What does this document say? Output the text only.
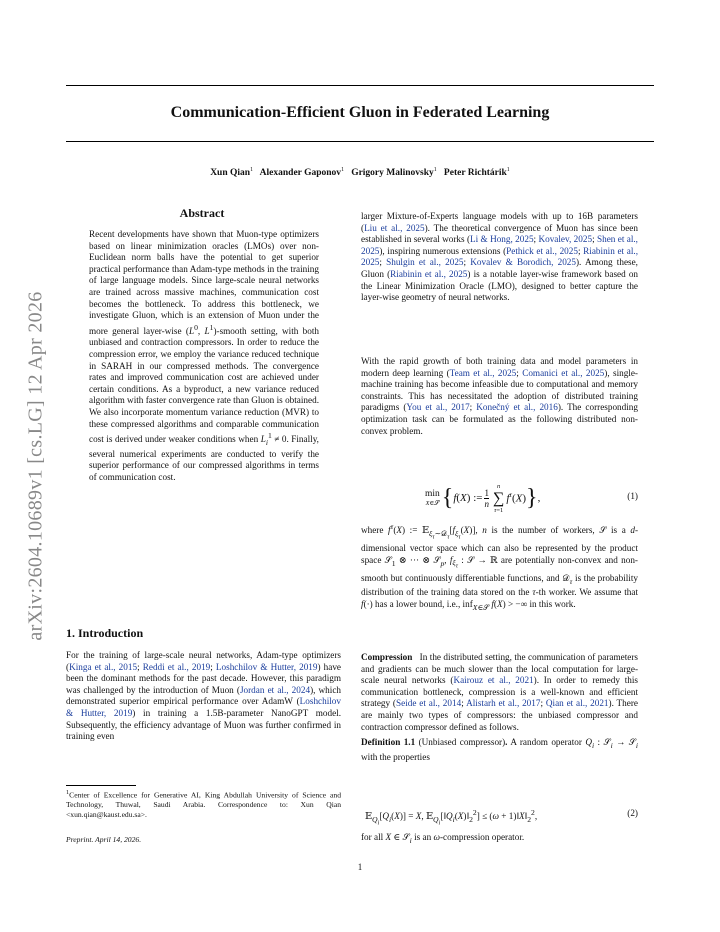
Communication-Efficient Gluon in Federated Learning
Xun Qian$^1$ Alexander Gaponov$^1$ Grigory Malinovsky$^1$ Peter Richtárik$^1$
arXiv:2604.10689v1 [cs.LG] 12 Apr 2026
Abstract
Recent developments have shown that Muon-type optimizers based on linear minimization oracles (LMOs) over non-Euclidean norm balls have the potential to get superior practical performance than Adam-type methods in the training of large language models. Since large-scale neural networks are trained across massive machines, communication cost becomes the bottleneck. To address this bottleneck, we investigate Gluon, which is an extension of Muon under the more general layer-wise ($L^0$, $L^1$)-smooth setting, with both unbiased and contraction compressors. In order to reduce the compression error, we employ the variance reduced technique in SARAH in our compressed methods. The convergence rates and improved communication cost are achieved under certain conditions. As a byproduct, a new variance reduced algorithm with faster convergence rate than Gluon is obtained. We also incorporate momentum variance reduction (MVR) to these compressed algorithms and comparable communication cost is derived under weaker conditions when $L_i^1 \ne 0$. Finally, several numerical experiments are conducted to verify the superior performance of our compressed algorithms in terms of communication cost.
1. Introduction
For the training of large-scale neural networks, Adam-type optimizers (Kinga et al., 2015; Reddi et al., 2019; Loshchilov & Hutter, 2019) have been the dominant methods for the past decade. However, this paradigm was challenged by the introduction of Muon (Jordan et al., 2024), which demonstrated superior empirical performance over AdamW (Loshchilov & Hutter, 2019) in training a 1.5B-parameter NanoGPT model. Subsequently, the efficiency advantage of Muon was further confirmed in training even
$^1$Center of Excellence for Generative AI, King Abdullah University of Science and Technology, Thuwal, Saudi Arabia. Correspondence to: Xun Qian <xun.qian@kaust.edu.sa>.
Preprint. April 14, 2026.
larger Mixture-of-Experts language models with up to 16B parameters (Liu et al., 2025). The theoretical convergence of Muon has since been established in several works (Li & Hong, 2025; Kovalev, 2025; Shen et al., 2025), inspiring numerous extensions (Pethick et al., 2025; Riabinin et al., 2025; Shulgin et al., 2025; Kovalev & Borodich, 2025). Among these, Gluon (Riabinin et al., 2025) is a notable layer-wise framework based on the Linear Minimization Oracle (LMO), designed to better capture the layer-wise geometry of neural networks.
With the rapid growth of both training data and model parameters in modern deep learning (Team et al., 2025; Comanici et al., 2025), single-machine training has become infeasible due to computational and memory constraints. This has necessitated the adoption of distributed training paradigms (You et al., 2017; Konečný et al., 2016). The corresponding optimization task can be formulated as the following distributed non-convex problem.
min
X∈𝒮 { f(X) := $\frac{1}{n}$
n
∑
τ=1
$f^\tau(X)$ } ,	(1)
where $f^\tau(X)$ := $𝔼_{\xi_\tau\sim 𝒟_\tau}[f_{\xi_\tau}(X)]$, n is the number of workers, 𝒮 is a d-dimensional vector space which can also be represented by the product space 𝒮$_1$ ⊗ ··· ⊗ 𝒮$_p$, $f_{\xi_\tau}$ : 𝒮 → ℝ are potentially non-convex and non-smooth but continuously differentiable functions, and 𝒟$_\tau$ is the probability distribution of the training data stored on the τ-th worker. We assume that f(·) has a lower bound, i.e., inf$_{X\in 𝒮}$ f(X) > −∞ in this work.
Compression   In the distributed setting, the communication of parameters and gradients can be much slower than the local computation for large-scale neural networks (Kairouz et al., 2021). In order to remedy this communication bottleneck, compression is a well-known and efficient strategy (Seide et al., 2014; Alistarh et al., 2017; Qian et al., 2021). There are mainly two types of compressors: the unbiased compressor and contraction compressor defined as follows.
Definition 1.1 (Unbiased compressor). A random operator $Q_i$ : 𝒮$_i$ → 𝒮$_i$ with the properties
$𝔼_{Q_i}[Q_i(X)] = X$, $𝔼_{Q_i}[‖Q_i(X)‖_2^2] \le (\omega$ + $1)‖X‖_2^2$,	(2)
for all X ∈ 𝒮$_i$ is an ω-compression operator.
1
